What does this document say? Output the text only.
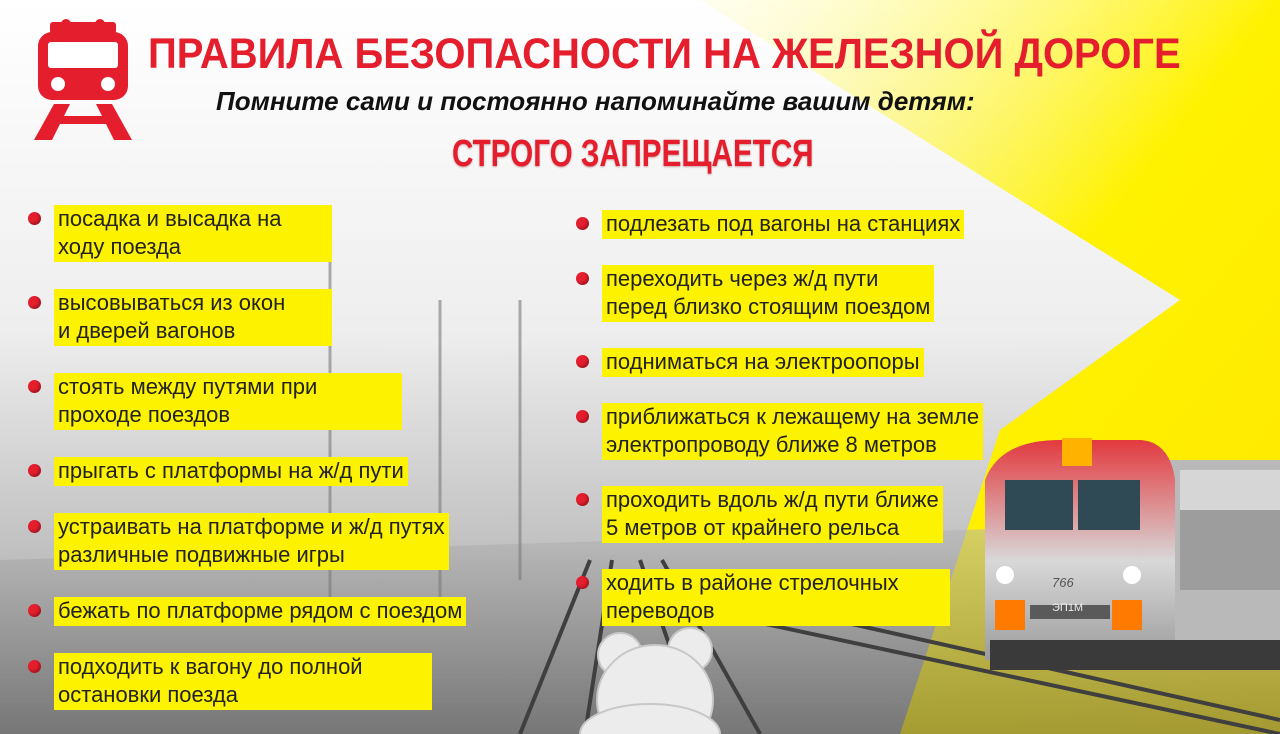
ПРАВИЛА БЕЗОПАСНОСТИ НА ЖЕЛЕЗНОЙ ДОРОГЕ

Помните сами и постоянно напоминайте вашим детям:

СТРОГО ЗАПРЕЩАЕТСЯ

посадка и высадка на
ходу поезда
высовываться из окон
и дверей вагонов
стоять между путями при
проходе поездов
прыгать с платформы на ж/д пути
устраивать на платформе и ж/д путях
различные подвижные игры
бежать по платформе рядом с поездом
подходить к вагону до полной
остановки поезда
подлезать под вагоны на станциях
переходить через ж/д пути
перед близко стоящим поездом
подниматься на электроопоры
приближаться к лежащему на земле
электропроводу ближе 8 метров
проходить вдоль ж/д пути ближе
5 метров от крайнего рельса
ходить в районе стрелочных
переводов
766
ЭП1М
